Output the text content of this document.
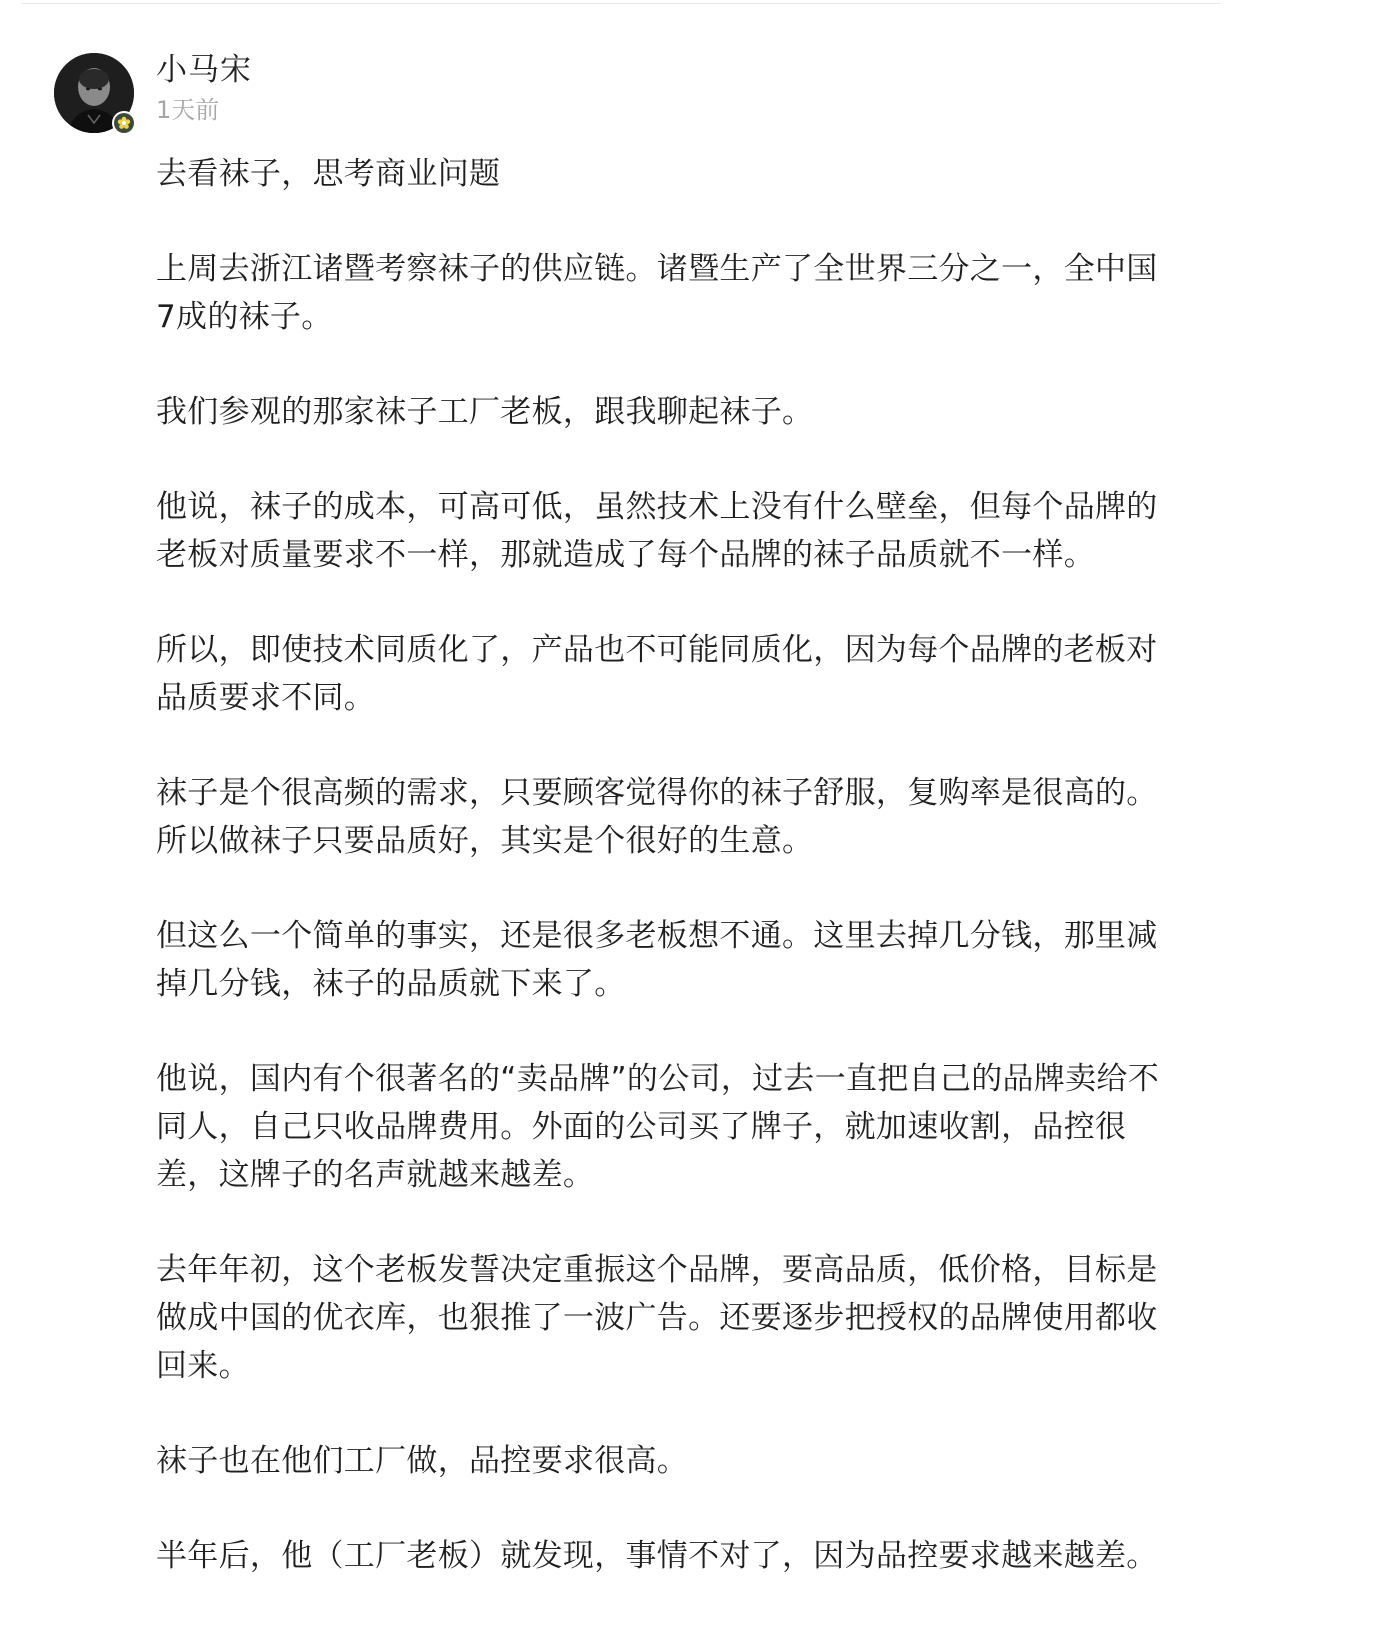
小马宋
1天前

去看袜子，思考商业问题

上周去浙江诸暨考察袜子的供应链。诸暨生产了全世界三分之一，全中国7成的袜子。

我们参观的那家袜子工厂老板，跟我聊起袜子。

他说，袜子的成本，可高可低，虽然技术上没有什么壁垒，但每个品牌的老板对质量要求不一样，那就造成了每个品牌的袜子品质就不一样。

所以，即使技术同质化了，产品也不可能同质化，因为每个品牌的老板对品质要求不同。

袜子是个很高频的需求，只要顾客觉得你的袜子舒服，复购率是很高的。所以做袜子只要品质好，其实是个很好的生意。

但这么一个简单的事实，还是很多老板想不通。这里去掉几分钱，那里减掉几分钱，袜子的品质就下来了。

他说，国内有个很著名的“卖品牌”的公司，过去一直把自己的品牌卖给不同人，自己只收品牌费用。外面的公司买了牌子，就加速收割，品控很差，这牌子的名声就越来越差。

去年年初，这个老板发誓决定重振这个品牌，要高品质，低价格，目标是做成中国的优衣库，也狠推了一波广告。还要逐步把授权的品牌使用都收回来。

袜子也在他们工厂做，品控要求很高。

半年后，他（工厂老板）就发现，事情不对了，因为品控要求越来越差。
